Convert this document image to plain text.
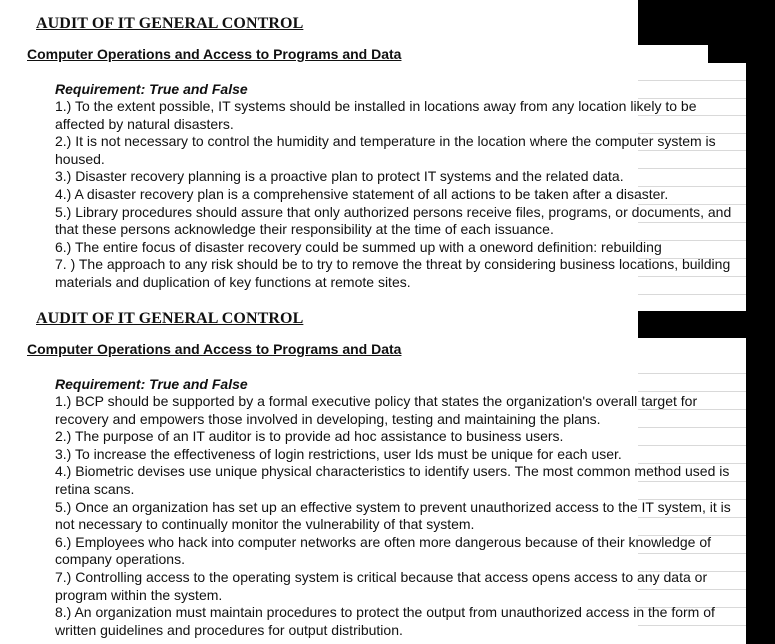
AUDIT OF IT GENERAL CONTROL
Computer Operations and Access to Programs and Data
Requirement: True and False
1.) To the extent possible, IT systems should be installed in locations away from any location likely to be affected by natural disasters.
2.) It is not necessary to control the humidity and temperature in the location where the computer system is housed.
3.) Disaster recovery planning is a proactive plan to protect IT systems and the related data.
4.) A disaster recovery plan is a comprehensive statement of all actions to be taken after a disaster.
5.) Library procedures should assure that only authorized persons receive files, programs, or documents, and that these persons acknowledge their responsibility at the time of each issuance.
6.) The entire focus of disaster recovery could be summed up with a oneword definition: rebuilding
7. ) The approach to any risk should be to try to remove the threat by considering business locations, building materials and duplication of key functions at remote sites.
AUDIT OF IT GENERAL CONTROL
Computer Operations and Access to Programs and Data
Requirement: True and False
1.) BCP should be supported by a formal executive policy that states the organization's overall target for recovery and empowers those involved in developing, testing and maintaining the plans.
2.) The purpose of an IT auditor is to provide ad hoc assistance to business users.
3.) To increase the effectiveness of login restrictions, user Ids must be unique for each user.
4.) Biometric devises use unique physical characteristics to identify users. The most common method used is retina scans.
5.) Once an organization has set up an effective system to prevent unauthorized access to the IT system, it is not necessary to continually monitor the vulnerability of that system.
6.) Employees who hack into computer networks are often more dangerous because of their knowledge of company operations.
7.) Controlling access to the operating system is critical because that access opens access to any data or program within the system.
8.) An organization must maintain procedures to protect the output from unauthorized access in the form of written guidelines and procedures for output distribution.
